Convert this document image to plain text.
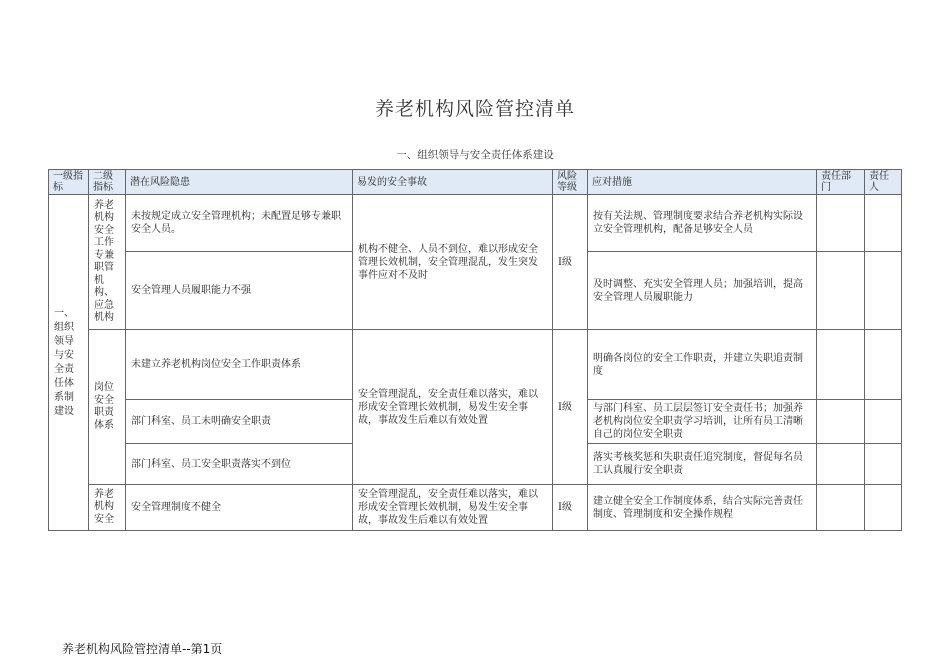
养老机构风险管控清单
一、组织领导与安全责任体系建设
一级指标	二级指标	潜在风险隐患	易发的安全事故	风险等级	应对措施	责任部门	责任人
一、组织领导与安全责任体系制建设	养老机构安全工作专兼职管机构、应急机构	未按规定成立安全管理机构；未配置足够专兼职安全人员。	机构不健全、人员不到位，难以形成安全管理长效机制，安全管理混乱，发生突发事件应对不及时	I级	按有关法规、管理制度要求结合养老机构实际设立安全管理机构，配备足够安全人员		
		安全管理人员履职能力不强			及时调整、充实安全管理人员；加强培训，提高安全管理人员履职能力		
	岗位安全职责体系	未建立养老机构岗位安全工作职责体系	安全管理混乱，安全责任难以落实，难以形成安全管理长效机制，易发生安全事故，事故发生后难以有效处置	I级	明确各岗位的安全工作职责，并建立失职追责制度		
		部门科室、员工未明确安全职责			与部门科室、员工层层签订安全责任书；加强养老机构岗位安全职责学习培训，让所有员工清晰自己的岗位安全职责		
		部门科室、员工安全职责落实不到位			落实考核奖惩和失职责任追究制度，督促每名员工认真履行安全职责		
	养老机构安全	安全管理制度不健全	安全管理混乱，安全责任难以落实，难以形成安全管理长效机制，易发生安全事故，事故发生后难以有效处置	I级	建立健全安全工作制度体系，结合实际完善责任制度、管理制度和安全操作规程		
养老机构风险管控清单--第1页
